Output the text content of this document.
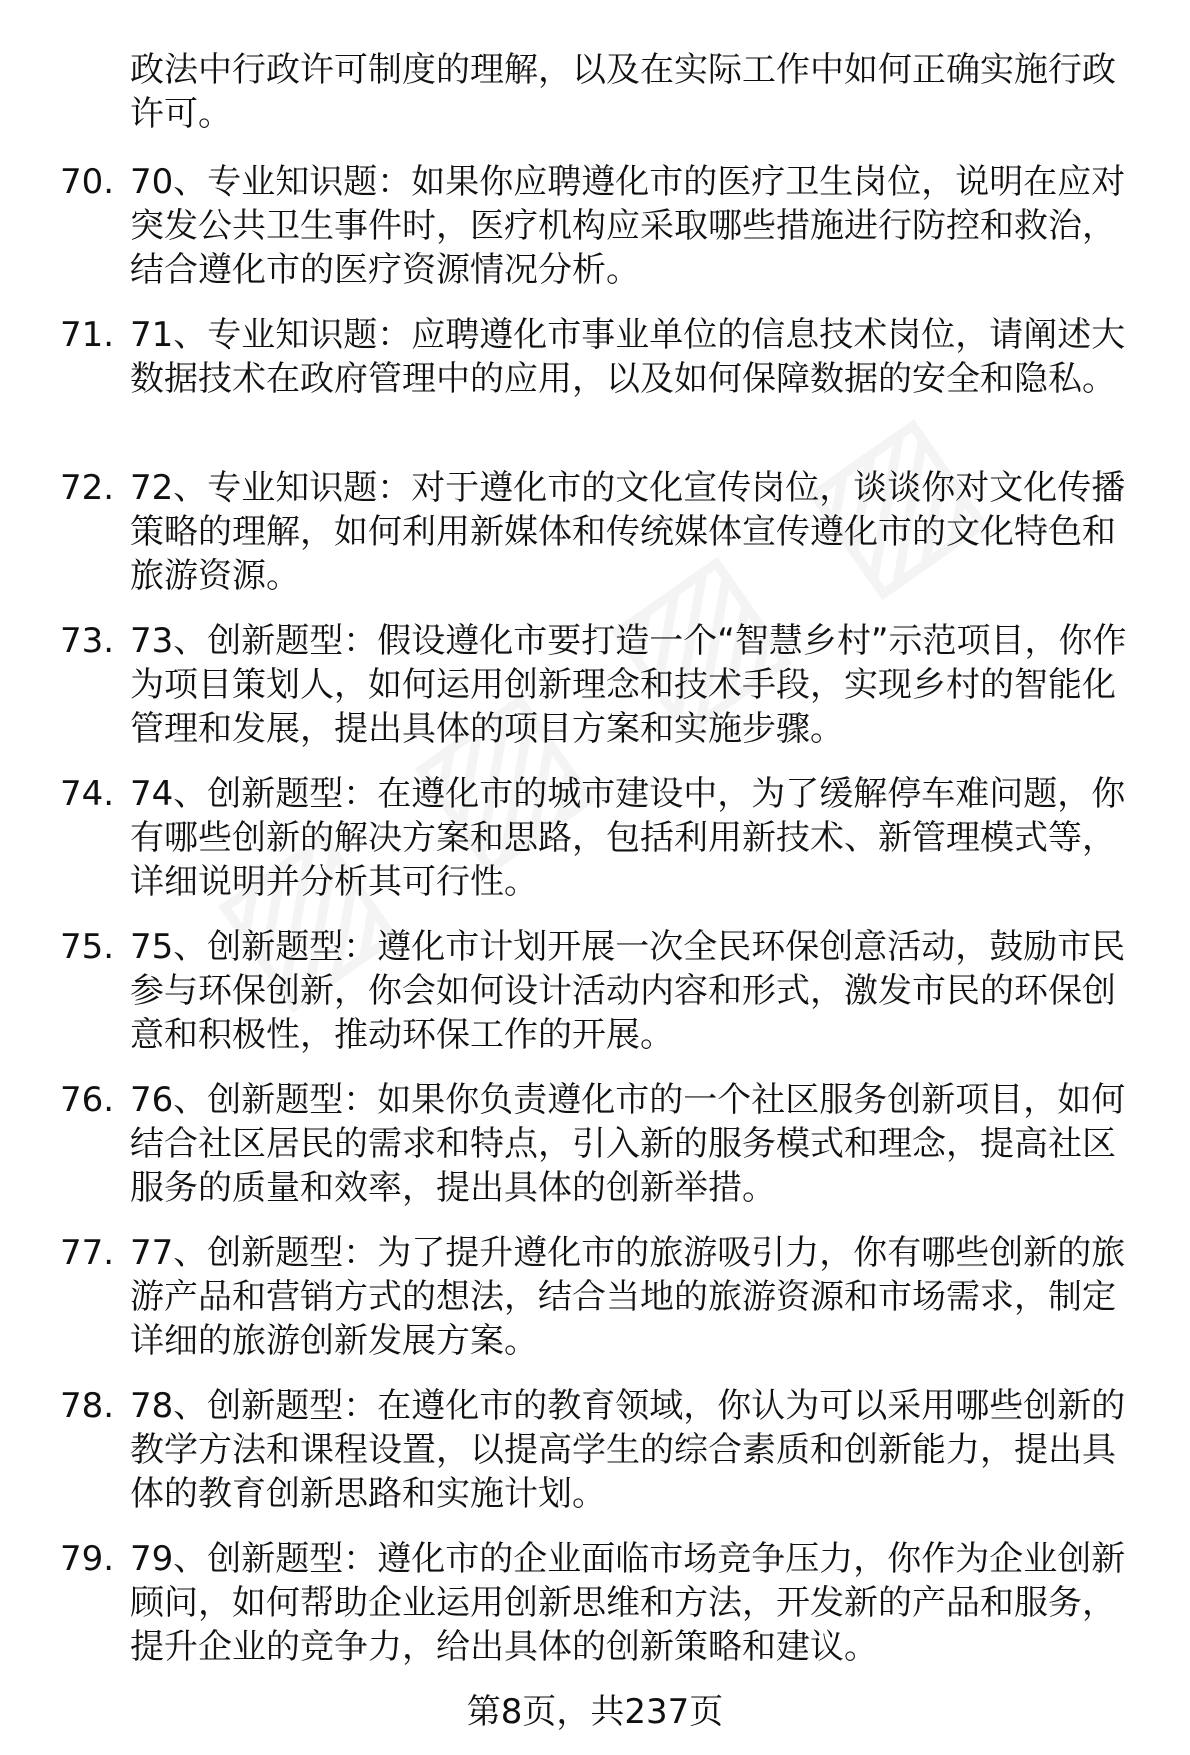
政法中行政许可制度的理解，以及在实际工作中如何正确实施行政许可。

70. 70、专业知识题：如果你应聘遵化市的医疗卫生岗位，说明在应对突发公共卫生事件时，医疗机构应采取哪些措施进行防控和救治，结合遵化市的医疗资源情况分析。
71. 71、专业知识题：应聘遵化市事业单位的信息技术岗位，请阐述大数据技术在政府管理中的应用，以及如何保障数据的安全和隐私。
72. 72、专业知识题：对于遵化市的文化宣传岗位，谈谈你对文化传播策略的理解，如何利用新媒体和传统媒体宣传遵化市的文化特色和旅游资源。
73. 73、创新题型：假设遵化市要打造一个“智慧乡村”示范项目，你作为项目策划人，如何运用创新理念和技术手段，实现乡村的智能化管理和发展，提出具体的项目方案和实施步骤。
74. 74、创新题型：在遵化市的城市建设中，为了缓解停车难问题，你有哪些创新的解决方案和思路，包括利用新技术、新管理模式等，详细说明并分析其可行性。
75. 75、创新题型：遵化市计划开展一次全民环保创意活动，鼓励市民参与环保创新，你会如何设计活动内容和形式，激发市民的环保创意和积极性，推动环保工作的开展。
76. 76、创新题型：如果你负责遵化市的一个社区服务创新项目，如何结合社区居民的需求和特点，引入新的服务模式和理念，提高社区服务的质量和效率，提出具体的创新举措。
77. 77、创新题型：为了提升遵化市的旅游吸引力，你有哪些创新的旅游产品和营销方式的想法，结合当地的旅游资源和市场需求，制定详细的旅游创新发展方案。
78. 78、创新题型：在遵化市的教育领域，你认为可以采用哪些创新的教学方法和课程设置，以提高学生的综合素质和创新能力，提出具体的教育创新思路和实施计划。
79. 79、创新题型：遵化市的企业面临市场竞争压力，你作为企业创新顾问，如何帮助企业运用创新思维和方法，开发新的产品和服务，提升企业的竞争力，给出具体的创新策略和建议。
第8页，共237页
